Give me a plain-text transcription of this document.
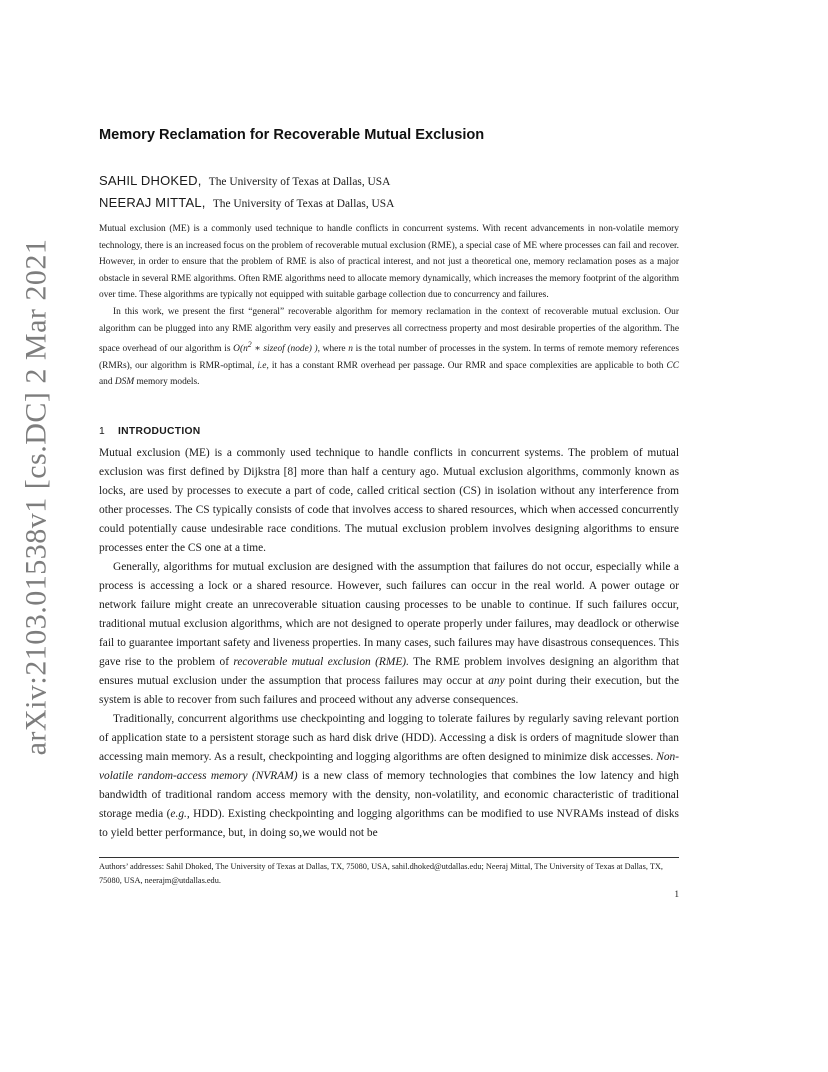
arXiv:2103.01538v1 [cs.DC] 2 Mar 2021
Memory Reclamation for Recoverable Mutual Exclusion
SAHIL DHOKED, The University of Texas at Dallas, USA
NEERAJ MITTAL, The University of Texas at Dallas, USA

Mutual exclusion (ME) is a commonly used technique to handle conflicts in concurrent systems. With recent advancements in non-volatile memory technology, there is an increased focus on the problem of recoverable mutual exclusion (RME), a special case of ME where processes can fail and recover. However, in order to ensure that the problem of RME is also of practical interest, and not just a theoretical one, memory reclamation poses as a major obstacle in several RME algorithms. Often RME algorithms need to allocate memory dynamically, which increases the memory footprint of the algorithm over time. These algorithms are typically not equipped with suitable garbage collection due to concurrency and failures.

In this work, we present the first “general” recoverable algorithm for memory reclamation in the context of recoverable mutual exclusion. Our algorithm can be plugged into any RME algorithm very easily and preserves all correctness property and most desirable properties of the algorithm. The space overhead of our algorithm is $O(n^2$ ∗ sizeof (node) ), where n is the total number of processes in the system. In terms of remote memory references (RMRs), our algorithm is RMR-optimal, i.e, it has a constant RMR overhead per passage. Our RMR and space complexities are applicable to both CC and DSM memory models.

1 INTRODUCTION

Mutual exclusion (ME) is a commonly used technique to handle conflicts in concurrent systems. The problem of mutual exclusion was first defined by Dijkstra [8] more than half a century ago. Mutual exclusion algorithms, commonly known as locks, are used by processes to execute a part of code, called critical section (CS) in isolation without any interference from other processes. The CS typically consists of code that involves access to shared resources, which when accessed concurrently could potentially cause undesirable race conditions. The mutual exclusion problem involves designing algorithms to ensure processes enter the CS one at a time.

Generally, algorithms for mutual exclusion are designed with the assumption that failures do not occur, especially while a process is accessing a lock or a shared resource. However, such failures can occur in the real world. A power outage or network failure might create an unrecoverable situation causing processes to be unable to continue. If such failures occur, traditional mutual exclusion algorithms, which are not designed to operate properly under failures, may deadlock or otherwise fail to guarantee important safety and liveness properties. In many cases, such failures may have disastrous consequences. This gave rise to the problem of recoverable mutual exclusion (RME). The RME problem involves designing an algorithm that ensures mutual exclusion under the assumption that process failures may occur at any point during their execution, but the system is able to recover from such failures and proceed without any adverse consequences.

Traditionally, concurrent algorithms use checkpointing and logging to tolerate failures by regularly saving relevant portion of application state to a persistent storage such as hard disk drive (HDD). Accessing a disk is orders of magnitude slower than accessing main memory. As a result, checkpointing and logging algorithms are often designed to minimize disk accesses. Non-volatile random-access memory (NVRAM) is a new class of memory technologies that combines the low latency and high bandwidth of traditional random access memory with the density, non-volatility, and economic characteristic of traditional storage media (e.g., HDD). Existing checkpointing and logging algorithms can be modified to use NVRAMs instead of disks to yield better performance, but, in doing so,we would not be

Authors’ addresses: Sahil Dhoked, The University of Texas at Dallas, TX, 75080, USA, sahil.dhoked@utdallas.edu; Neeraj Mittal, The University of Texas at Dallas, TX, 75080, USA, neerajm@utdallas.edu.

1
